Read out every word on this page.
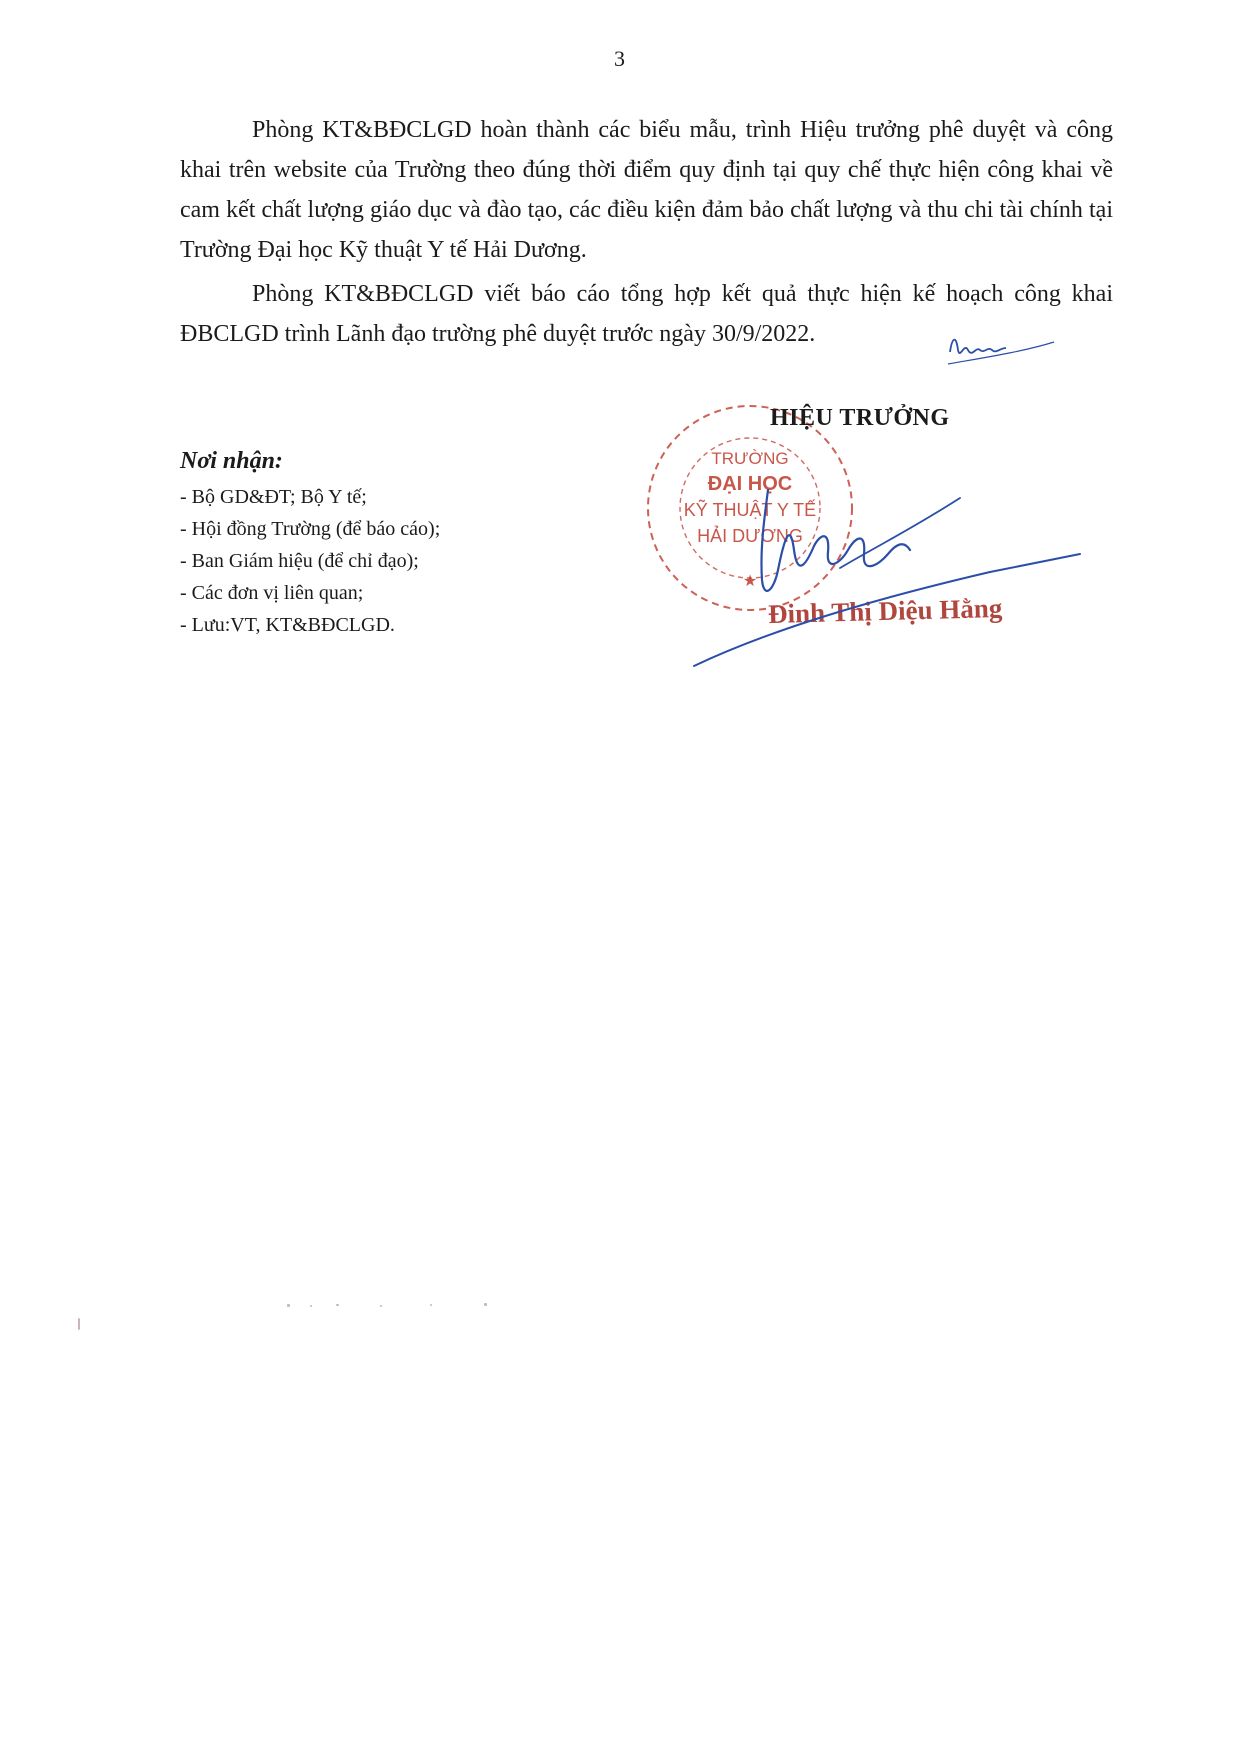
3

Phòng KT&BĐCLGD hoàn thành các biểu mẫu, trình Hiệu trưởng phê duyệt và công khai trên website của Trường theo đúng thời điểm quy định tại quy chế thực hiện công khai về cam kết chất lượng giáo dục và đào tạo, các điều kiện đảm bảo chất lượng và thu chi tài chính tại Trường Đại học Kỹ thuật Y tế Hải Dương.

Phòng KT&BĐCLGD viết báo cáo tổng hợp kết quả thực hiện kế hoạch công khai ĐBCLGD trình Lãnh đạo trường phê duyệt trước ngày 30/9/2022.

Nơi nhận:

- Bộ GD&ĐT; Bộ Y tế;
- Hội đồng Trường (để báo cáo);
- Ban Giám hiệu (để chỉ đạo);
- Các đơn vị liên quan;
- Lưu:VT, KT&BĐCLGD.
TRƯỜNG
ĐẠI HỌC
KỸ THUẬT Y TẾ
HẢI DƯƠNG
★
HIỆU TRƯỞNG
Đinh Thị Diệu Hằng
